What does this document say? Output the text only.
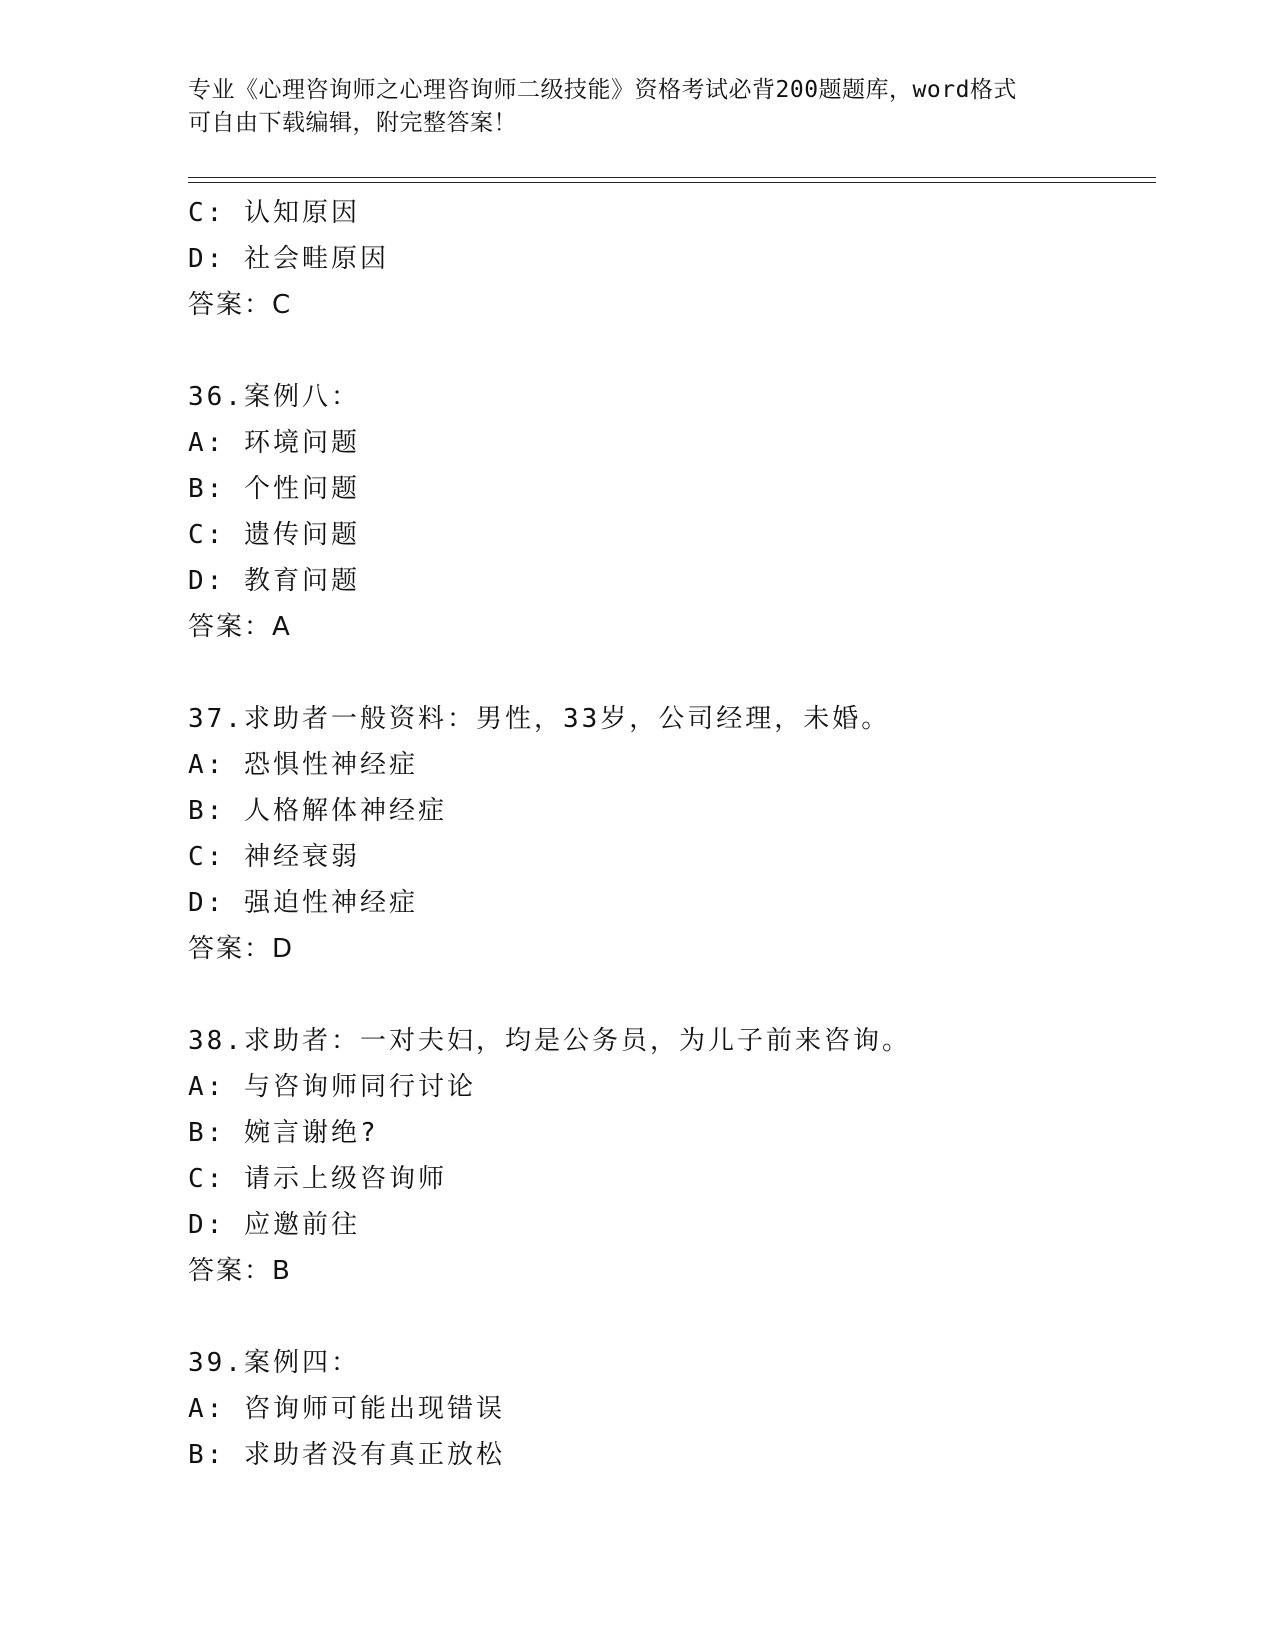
专业《心理咨询师之心理咨询师二级技能》资格考试必背200题题库，word格式
可自由下载编辑，附完整答案！
C: 认知原因
D: 社会畦原因
答案：C
36.案例八：
A: 环境问题
B: 个性问题
C: 遗传问题
D: 教育问题
答案：A
37.求助者一般资料：男性，33岁，公司经理，未婚。
A: 恐惧性神经症
B: 人格解体神经症
C: 神经衰弱
D: 强迫性神经症
答案：D
38.求助者：一对夫妇，均是公务员，为儿子前来咨询。
A: 与咨询师同行讨论
B: 婉言谢绝?
C: 请示上级咨询师
D: 应邀前往
答案：B
39.案例四：
A: 咨询师可能出现错误
B: 求助者没有真正放松
